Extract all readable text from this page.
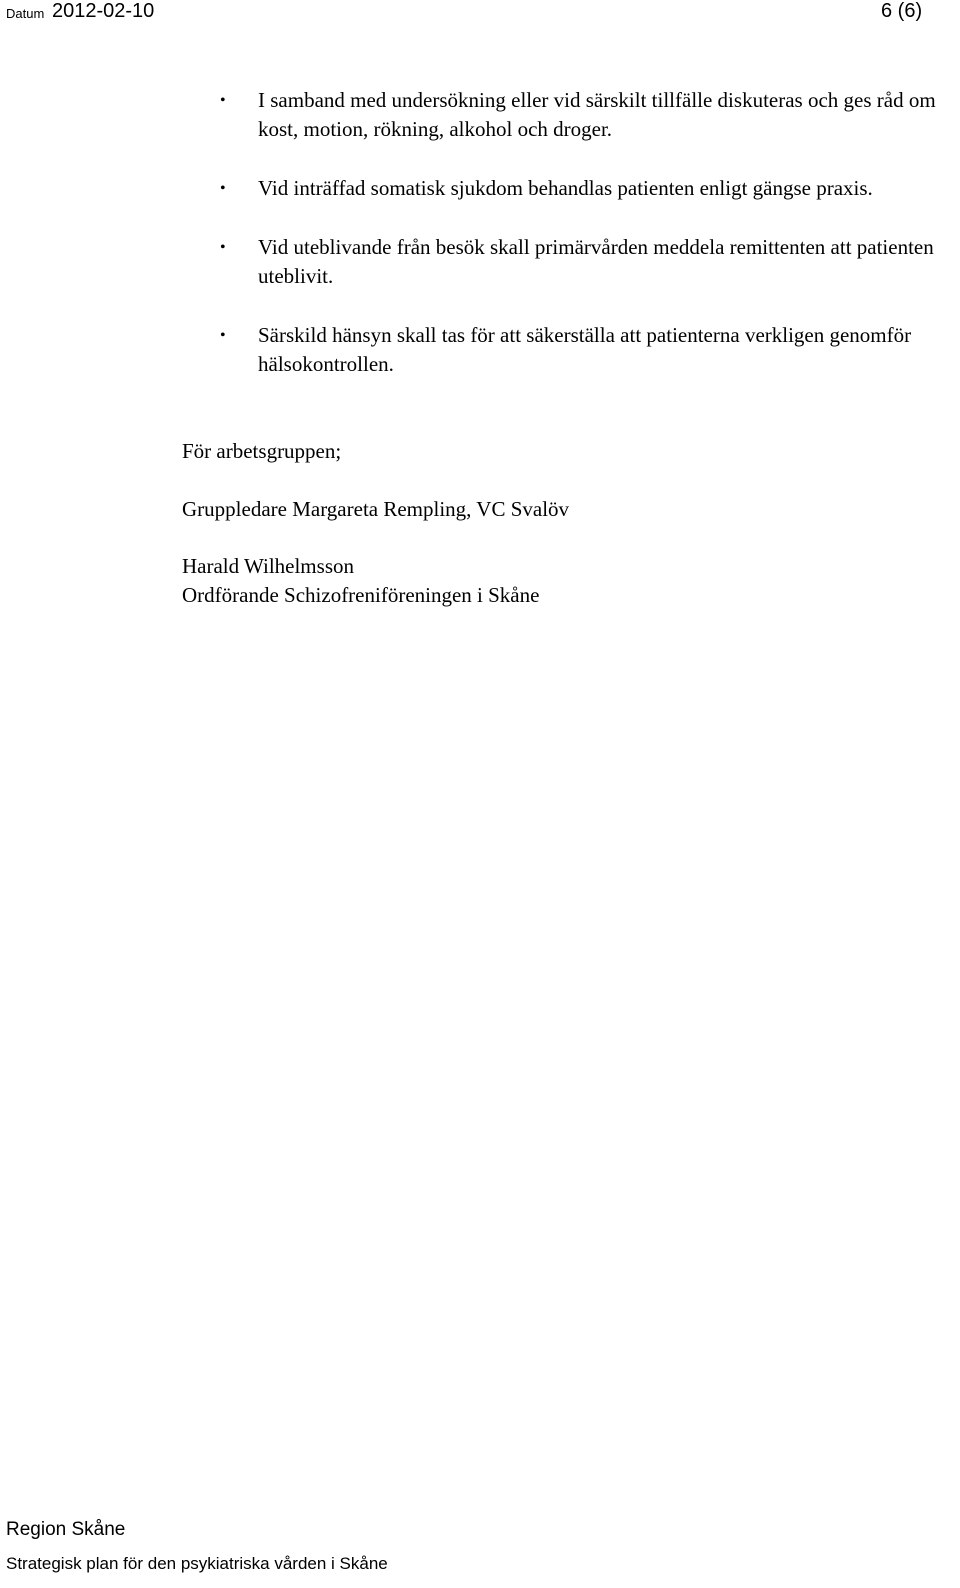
Datum 2012-02-10	6 (6)
• I samband med undersökning eller vid särskilt tillfälle diskuteras och ges råd om kost, motion, rökning, alkohol och droger.
• Vid inträffad somatisk sjukdom behandlas patienten enligt gängse praxis.
• Vid uteblivande från besök skall primärvården meddela remittenten att patienten uteblivit.
• Särskild hänsyn skall tas för att säkerställa att patienterna verkligen genomför hälsokontrollen.

För arbetsgruppen;

Gruppledare Margareta Rempling, VC Svalöv

Harald Wilhelmsson

Ordförande Schizofreniföreningen i Skåne

Region Skåne
Strategisk plan för den psykiatriska vården i Skåne
